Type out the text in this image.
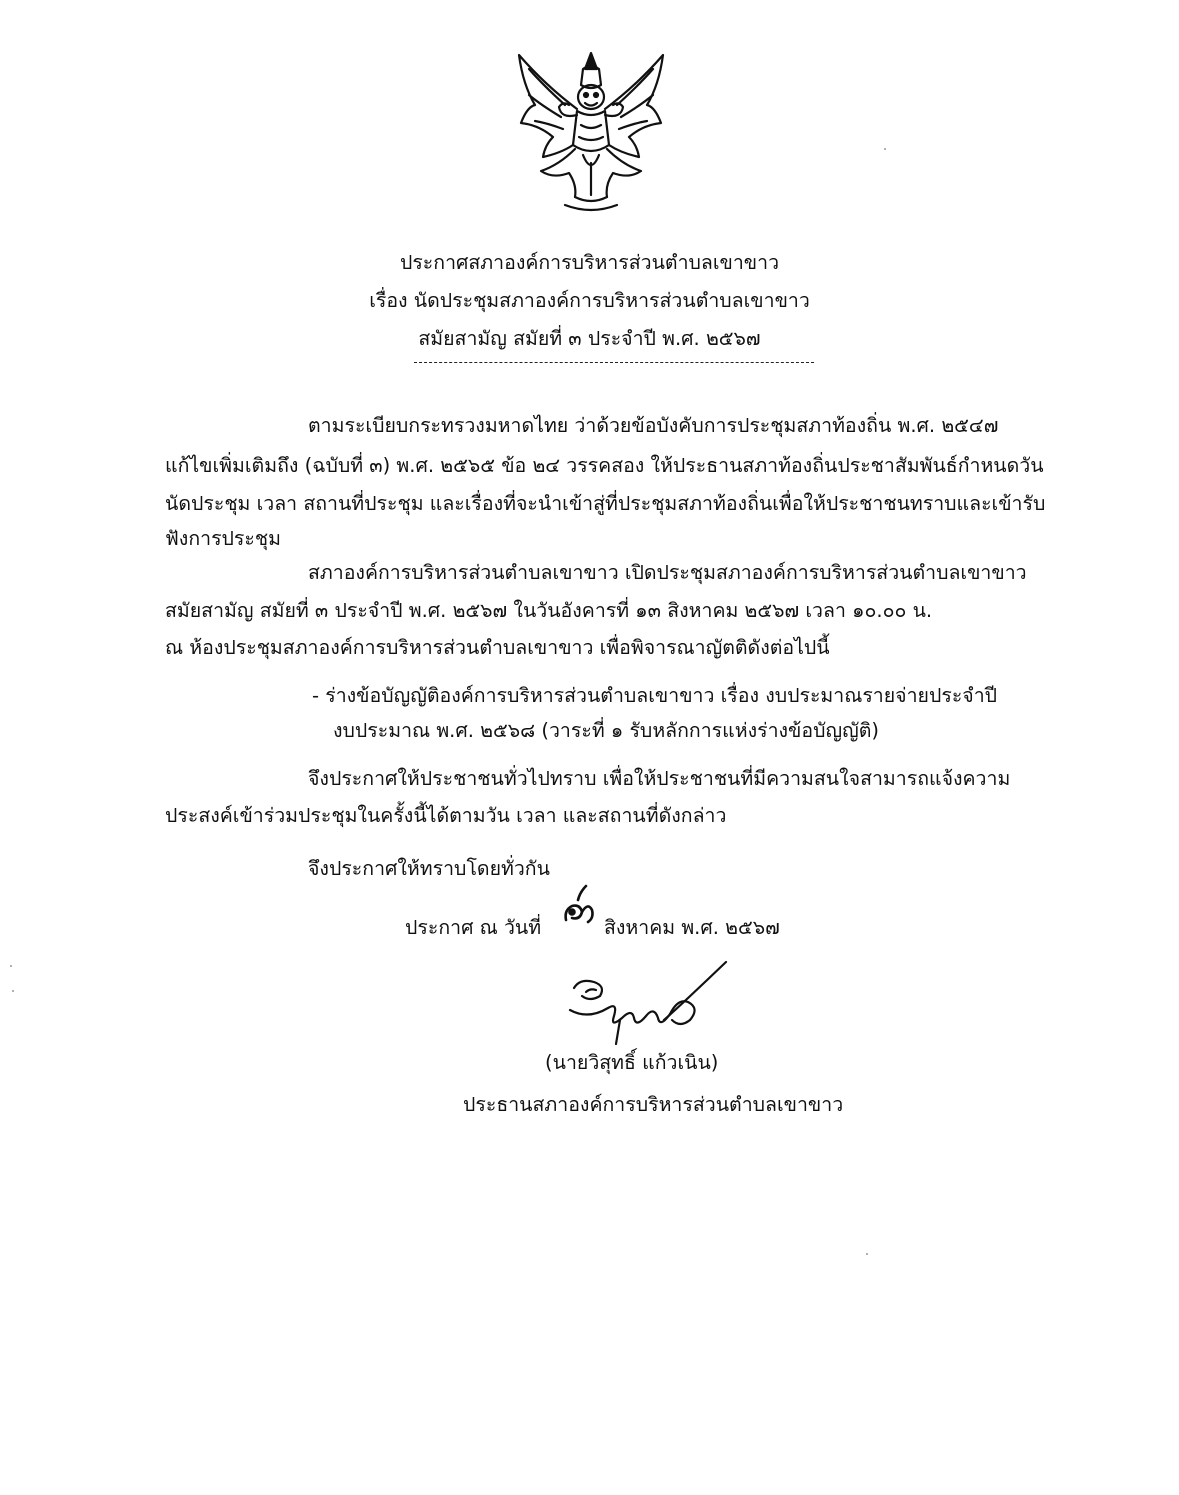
ประกาศสภาองค์การบริหารส่วนตำบลเขาขาว
เรื่อง นัดประชุมสภาองค์การบริหารส่วนตำบลเขาขาว
สมัยสามัญ สมัยที่ ๓ ประจำปี พ.ศ. ๒๕๖๗
ตามระเบียบกระทรวงมหาดไทย ว่าด้วยข้อบังคับการประชุมสภาท้องถิ่น พ.ศ. ๒๕๔๗
แก้ไขเพิ่มเติมถึง (ฉบับที่ ๓) พ.ศ. ๒๕๖๕ ข้อ ๒๔ วรรคสอง ให้ประธานสภาท้องถิ่นประชาสัมพันธ์กำหนดวัน
นัดประชุม เวลา สถานที่ประชุม และเรื่องที่จะนำเข้าสู่ที่ประชุมสภาท้องถิ่นเพื่อให้ประชาชนทราบและเข้ารับ
ฟังการประชุม
สภาองค์การบริหารส่วนตำบลเขาขาว เปิดประชุมสภาองค์การบริหารส่วนตำบลเขาขาว
สมัยสามัญ สมัยที่ ๓ ประจำปี พ.ศ. ๒๕๖๗ ในวันอังคารที่ ๑๓ สิงหาคม ๒๕๖๗ เวลา ๑๐.๐๐ น.
ณ ห้องประชุมสภาองค์การบริหารส่วนตำบลเขาขาว เพื่อพิจารณาญัตติดังต่อไปนี้
- ร่างข้อบัญญัติองค์การบริหารส่วนตำบลเขาขาว เรื่อง งบประมาณรายจ่ายประจำปี
งบประมาณ พ.ศ. ๒๕๖๘ (วาระที่ ๑ รับหลักการแห่งร่างข้อบัญญัติ)
จึงประกาศให้ประชาชนทั่วไปทราบ เพื่อให้ประชาชนที่มีความสนใจสามารถแจ้งความ
ประสงค์เข้าร่วมประชุมในครั้งนี้ได้ตามวัน เวลา และสถานที่ดังกล่าว
จึงประกาศให้ทราบโดยทั่วกัน
ประกาศ ณ วันที่	สิงหาคม พ.ศ. ๒๕๖๗
(นายวิสุทธิ์ แก้วเนิน)
ประธานสภาองค์การบริหารส่วนตำบลเขาขาว
